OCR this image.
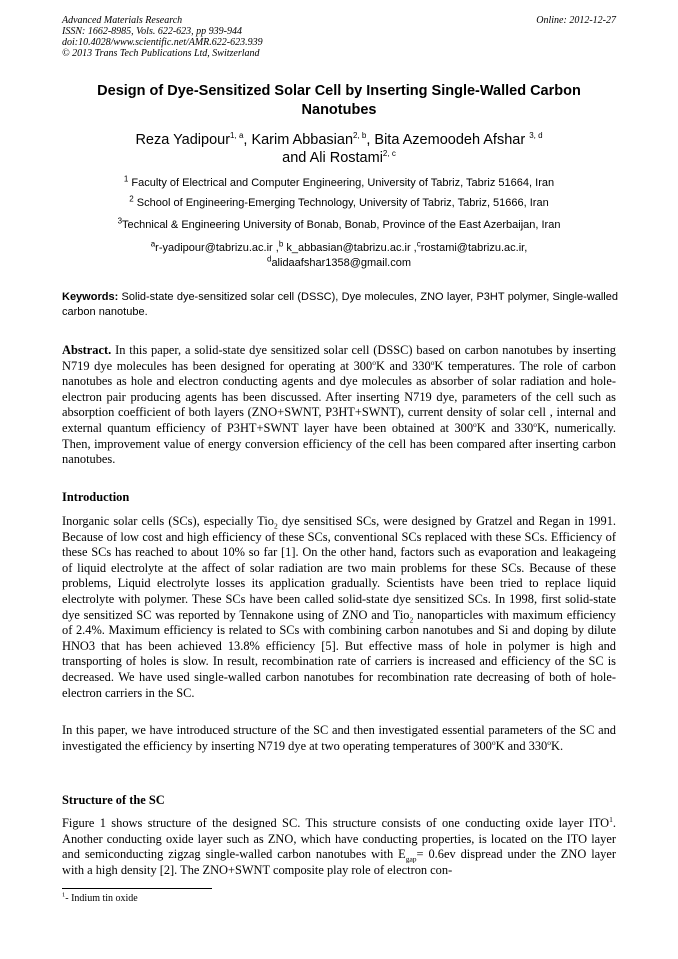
Advanced Materials Research
ISSN: 1662-8985, Vols. 622-623, pp 939-944
doi:10.4028/www.scientific.net/AMR.622-623.939
© 2013 Trans Tech Publications Ltd, Switzerland
Online: 2012-12-27
Design of Dye-Sensitized Solar Cell by Inserting Single-Walled Carbon
Nanotubes
Reza Yadipour$^{1, a}$, Karim Abbasian$^{2, b}$, Bita Azemoodeh Afshar $^{3, d}$
and Ali Rostami$^{2, c}$
$^1$ Faculty of Electrical and Computer Engineering, University of Tabriz, Tabriz 51664, Iran
$^2$ School of Engineering-Emerging Technology, University of Tabriz, Tabriz, 51666, Iran
$^3$Technical & Engineering University of Bonab, Bonab, Province of the East Azerbaijan, Iran
$^a$r-yadipour@tabrizu.ac.ir ,$^b$ k_abbasian@tabrizu.ac.ir ,$^c$rostami@tabrizu.ac.ir,
$^d$alidaafshar1358@gmail.com
Keywords: Solid-state dye-sensitized solar cell (DSSC), Dye molecules, ZNO layer, P3HT polymer, Single-walled carbon nanotube.
Abstract. In this paper, a solid-state dye sensitized solar cell (DSSC) based on carbon nanotubes by inserting N719 dye molecules has been designed for operating at 300$^o$K and 330$^o$K temperatures. The role of carbon nanotubes as hole and electron conducting agents and dye molecules as absorber of solar radiation and hole-electron pair producing agents has been discussed. After inserting N719 dye, parameters of the cell such as absorption coefficient of both layers (ZNO+SWNT, P3HT+SWNT), current density of solar cell , internal and external quantum efficiency of P3HT+SWNT layer have been obtained at 300$^o$K and 330$^o$K, numerically. Then, improvement value of energy conversion efficiency of the cell has been compared after inserting carbon nanotubes.
Introduction
Inorganic solar cells (SCs), especially Tio$_2$ dye sensitised SCs, were designed by Gratzel and Regan in 1991. Because of low cost and high efficiency of these SCs, conventional SCs replaced with these SCs. Efficiency of these SCs has reached to about 10% so far [1]. On the other hand, factors such as evaporation and leakageing of liquid electrolyte at the affect of solar radiation are two main problems for these SCs. Because of these problems, Liquid electrolyte losses its application gradually. Scientists have been tried to replace liquid electrolyte with polymer. These SCs have been called solid-state dye sensitized SCs. In 1998, first solid-state dye sensitized SC was reported by Tennakone using of ZNO and Tio$_2$ nanoparticles with maximum efficiency of 2.4%. Maximum efficiency is related to SCs with combining carbon nanotubes and Si and doping by dilute HNO3 that has been achieved 13.8% efficiency [5]. But effective mass of hole in polymer is high and transporting of holes is slow. In result, recombination rate of carriers is increased and efficiency of the SC is decreased. We have used single-walled carbon nanotubes for recombination rate decreasing of both of hole-electron carriers in the SC.
In this paper, we have introduced structure of the SC and then investigated essential parameters of the SC and investigated the efficiency by inserting N719 dye at two operating temperatures of 300$^o$K and 330$^o$K.
Structure of the SC
Figure 1 shows structure of the designed SC. This structure consists of one conducting oxide layer ITO$^1$. Another conducting oxide layer such as ZNO, which have conducting properties, is located on the ITO layer and semiconducting zigzag single-walled carbon nanotubes with $E_{gap}= 0.6ev$ dispread under the ZNO layer with a high density [2]. The ZNO+SWNT composite play role of electron con-
$^1$- Indium tin oxide
